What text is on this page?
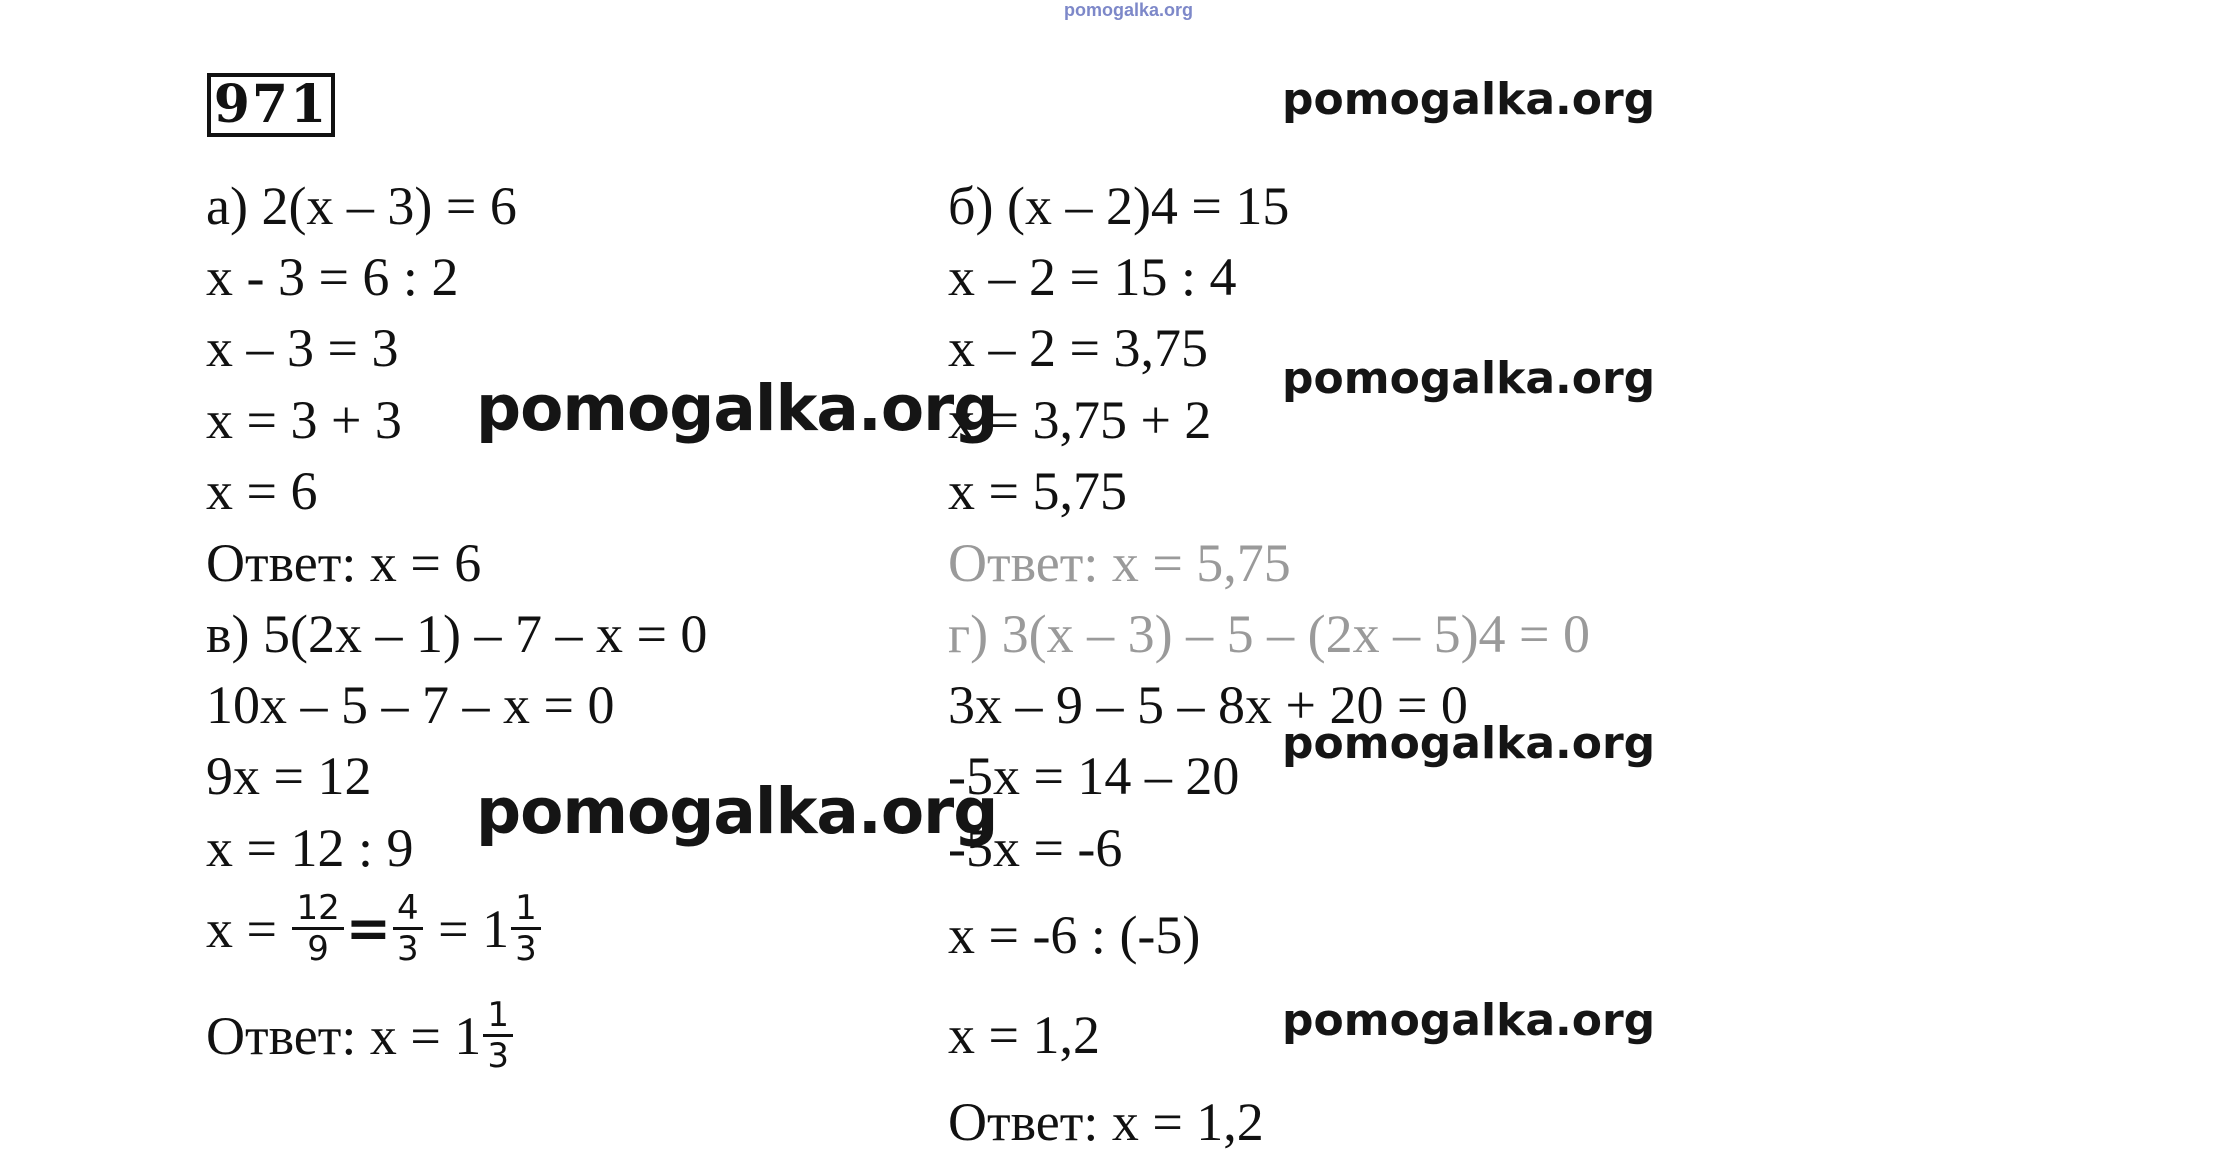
pomogalka.org
971	pomogalka.org
pomogalka.org
pomogalka.org
pomogalka.org
а) 2(x – 3) = 6
x - 3 = 6 : 2
x – 3 = 3
x = 3 + 3
x = 6
Ответ: x = 6
б) (x – 2)4 = 15
x – 2 = 15 : 4
x – 2 = 3,75
x = 3,75 + 2
x = 5,75
Ответ: x = 5,75
в) 5(2x – 1) – 7 – x = 0
10x – 5 – 7 – x = 0
9x = 12
x = 12 : 9
$x = \frac{12}{9} = \frac{4}{3} = 1 \frac{1}{3}$
Ответ: $x = 1 \frac{1}{3}$
г) 3(x – 3) – 5 – (2x – 5)4 = 0
3x – 9 – 5 – 8x + 20 = 0
-5x = 14 – 20
-5x = -6
x = -6 : (-5)
x = 1,2
Ответ: x = 1,2
pomogalka.org
pomogalka.org
